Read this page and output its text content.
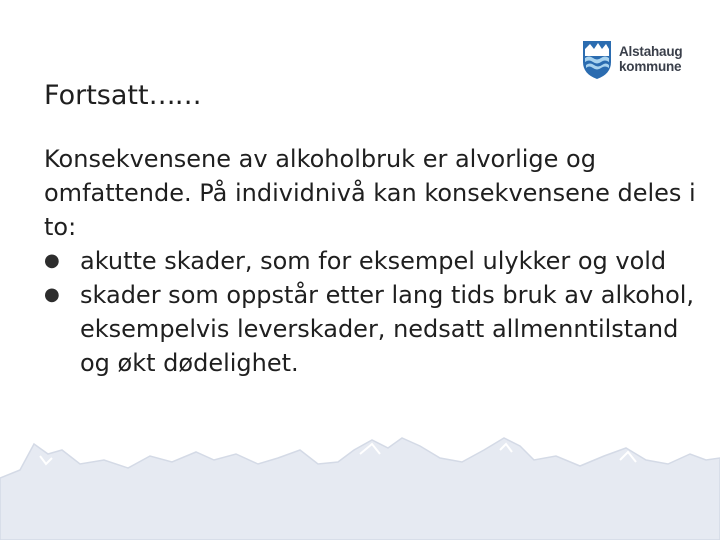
Alstahaug
kommune
Fortsatt……

Konsekvensene av alkoholbruk er alvorlige og omfattende. På individnivå kan konsekvensene deles i to:

● akutte skader, som for eksempel ulykker og vold
● skader som oppstår etter lang tids bruk av alkohol, eksempelvis leverskader, nedsatt allmenntilstand og økt dødelighet.
